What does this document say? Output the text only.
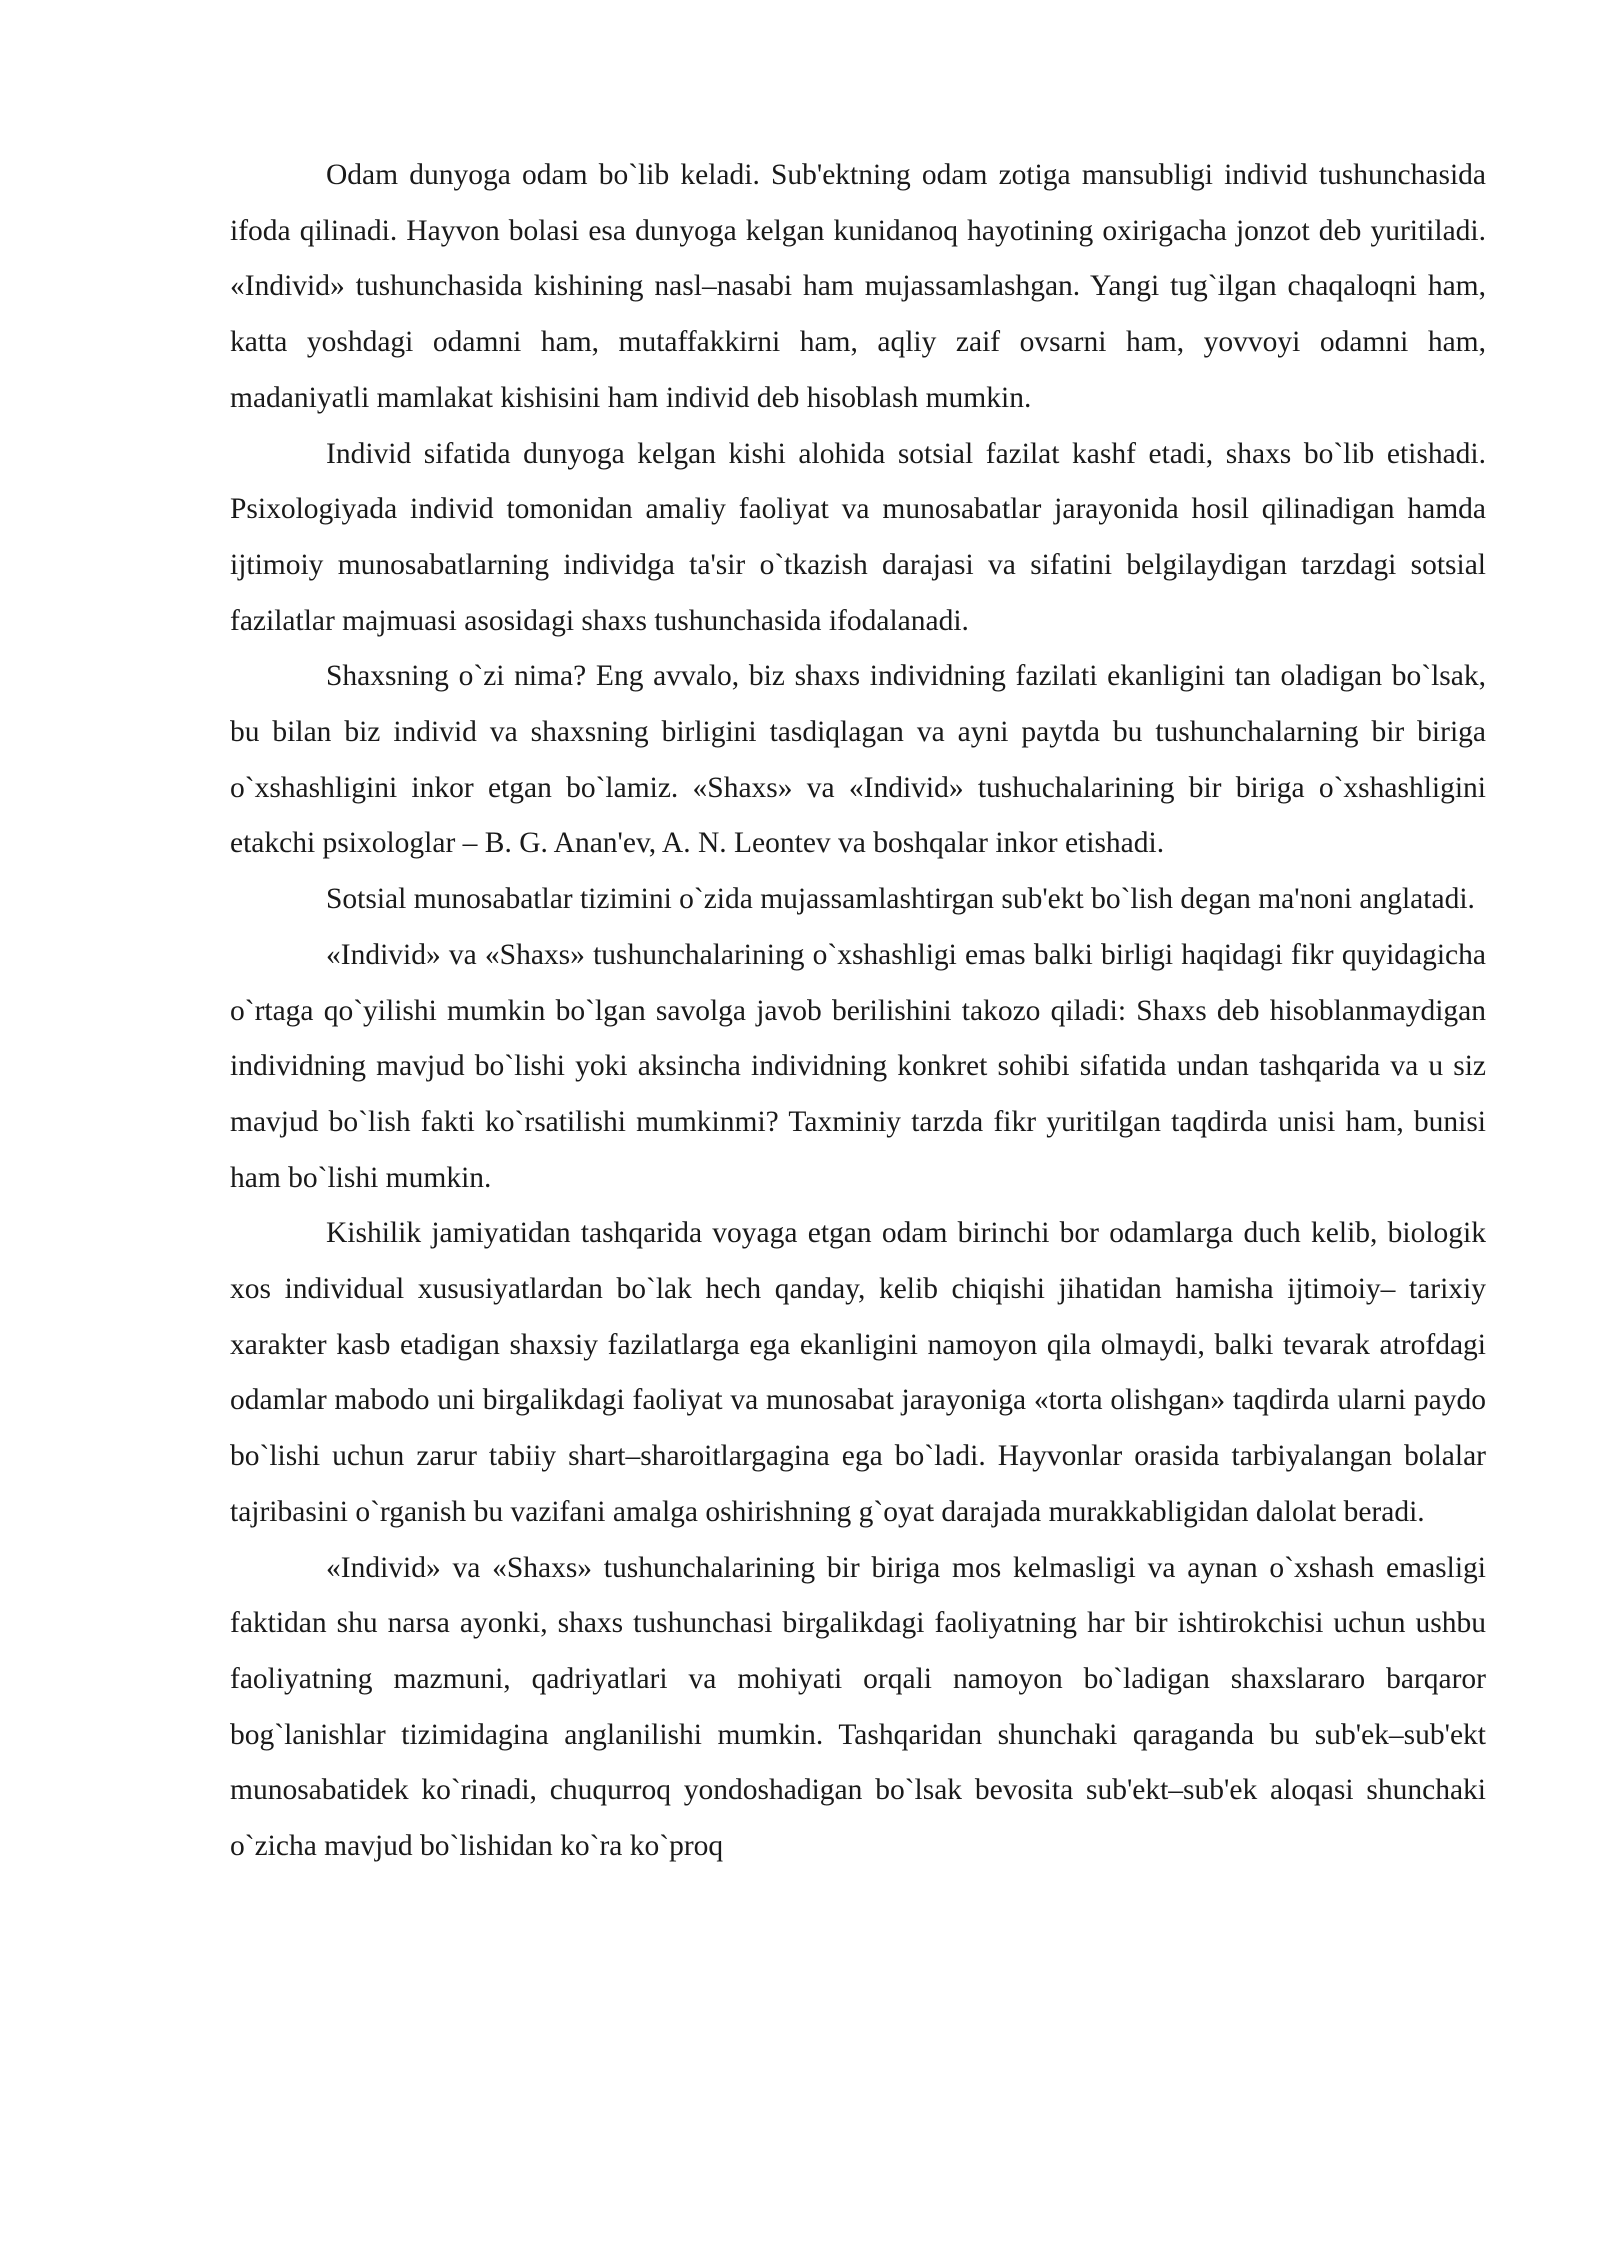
Odam dunyoga odam bo`lib keladi. Sub'ektning odam zotiga mansubligi individ tushunchasida ifoda qilinadi. Hayvon bolasi esa dunyoga kelgan kunidanoq hayotining oxirigacha jonzot deb yuritiladi. «Individ» tushunchasida kishining nasl–nasabi ham mujassamlashgan. Yangi tug`ilgan chaqaloqni ham, katta yoshdagi odamni ham, mutaffakkirni ham, aqliy zaif ovsarni ham, yovvoyi odamni ham, madaniyatli mamlakat kishisini ham individ deb hisoblash mumkin.

Individ sifatida dunyoga kelgan kishi alohida sotsial fazilat kashf etadi, shaxs bo`lib etishadi. Psixologiyada individ tomonidan amaliy faoliyat va munosabatlar jarayonida hosil qilinadigan hamda ijtimoiy munosabatlarning individga ta'sir o`tkazish darajasi va sifatini belgilaydigan tarzdagi sotsial fazilatlar majmuasi asosidagi shaxs tushunchasida ifodalanadi.

Shaxsning o`zi nima? Eng avvalo, biz shaxs individning fazilati ekanligini tan oladigan bo`lsak, bu bilan biz individ va shaxsning birligini tasdiqlagan va ayni paytda bu tushunchalarning bir biriga o`xshashligini inkor etgan bo`lamiz. «Shaxs» va «Individ» tushuchalarining bir biriga o`xshashligini etakchi psixologlar – B. G. Anan'ev, A. N. Leontev va boshqalar inkor etishadi.

Sotsial munosabatlar tizimini o`zida mujassamlashtirgan sub'ekt bo`lish degan ma'noni anglatadi.

«Individ» va «Shaxs» tushunchalarining o`xshashligi emas balki birligi haqidagi fikr quyidagicha o`rtaga qo`yilishi mumkin bo`lgan savolga javob berilishini takozo qiladi: Shaxs deb hisoblanmaydigan individning mavjud bo`lishi yoki aksincha individning konkret sohibi sifatida undan tashqarida va u siz mavjud bo`lish fakti ko`rsatilishi mumkinmi? Taxminiy tarzda fikr yuritilgan taqdirda unisi ham, bunisi ham bo`lishi mumkin.

Kishilik jamiyatidan tashqarida voyaga etgan odam birinchi bor odamlarga duch kelib, biologik xos individual xususiyatlardan bo`lak hech qanday, kelib chiqishi jihatidan hamisha ijtimoiy– tarixiy xarakter kasb etadigan shaxsiy fazilatlarga ega ekanligini namoyon qila olmaydi, balki tevarak atrofdagi odamlar mabodo uni birgalikdagi faoliyat va munosabat jarayoniga «torta olishgan» taqdirda ularni paydo bo`lishi uchun zarur tabiiy shart–sharoitlargagina ega bo`ladi. Hayvonlar orasida tarbiyalangan bolalar tajribasini o`rganish bu vazifani amalga oshirishning g`oyat darajada murakkabligidan dalolat beradi.

«Individ» va «Shaxs» tushunchalarining bir biriga mos kelmasligi va aynan o`xshash emasligi faktidan shu narsa ayonki, shaxs tushunchasi birgalikdagi faoliyatning har bir ishtirokchisi uchun ushbu faoliyatning mazmuni, qadriyatlari va mohiyati orqali namoyon bo`ladigan shaxslararo barqaror bog`lanishlar tizimidagina anglanilishi mumkin. Tashqaridan shunchaki qaraganda bu sub'ek–sub'ekt munosabatidek ko`rinadi, chuqurroq yondoshadigan bo`lsak bevosita sub'ekt–sub'ek aloqasi shunchaki o`zicha mavjud bo`lishidan ko`ra ko`proq
